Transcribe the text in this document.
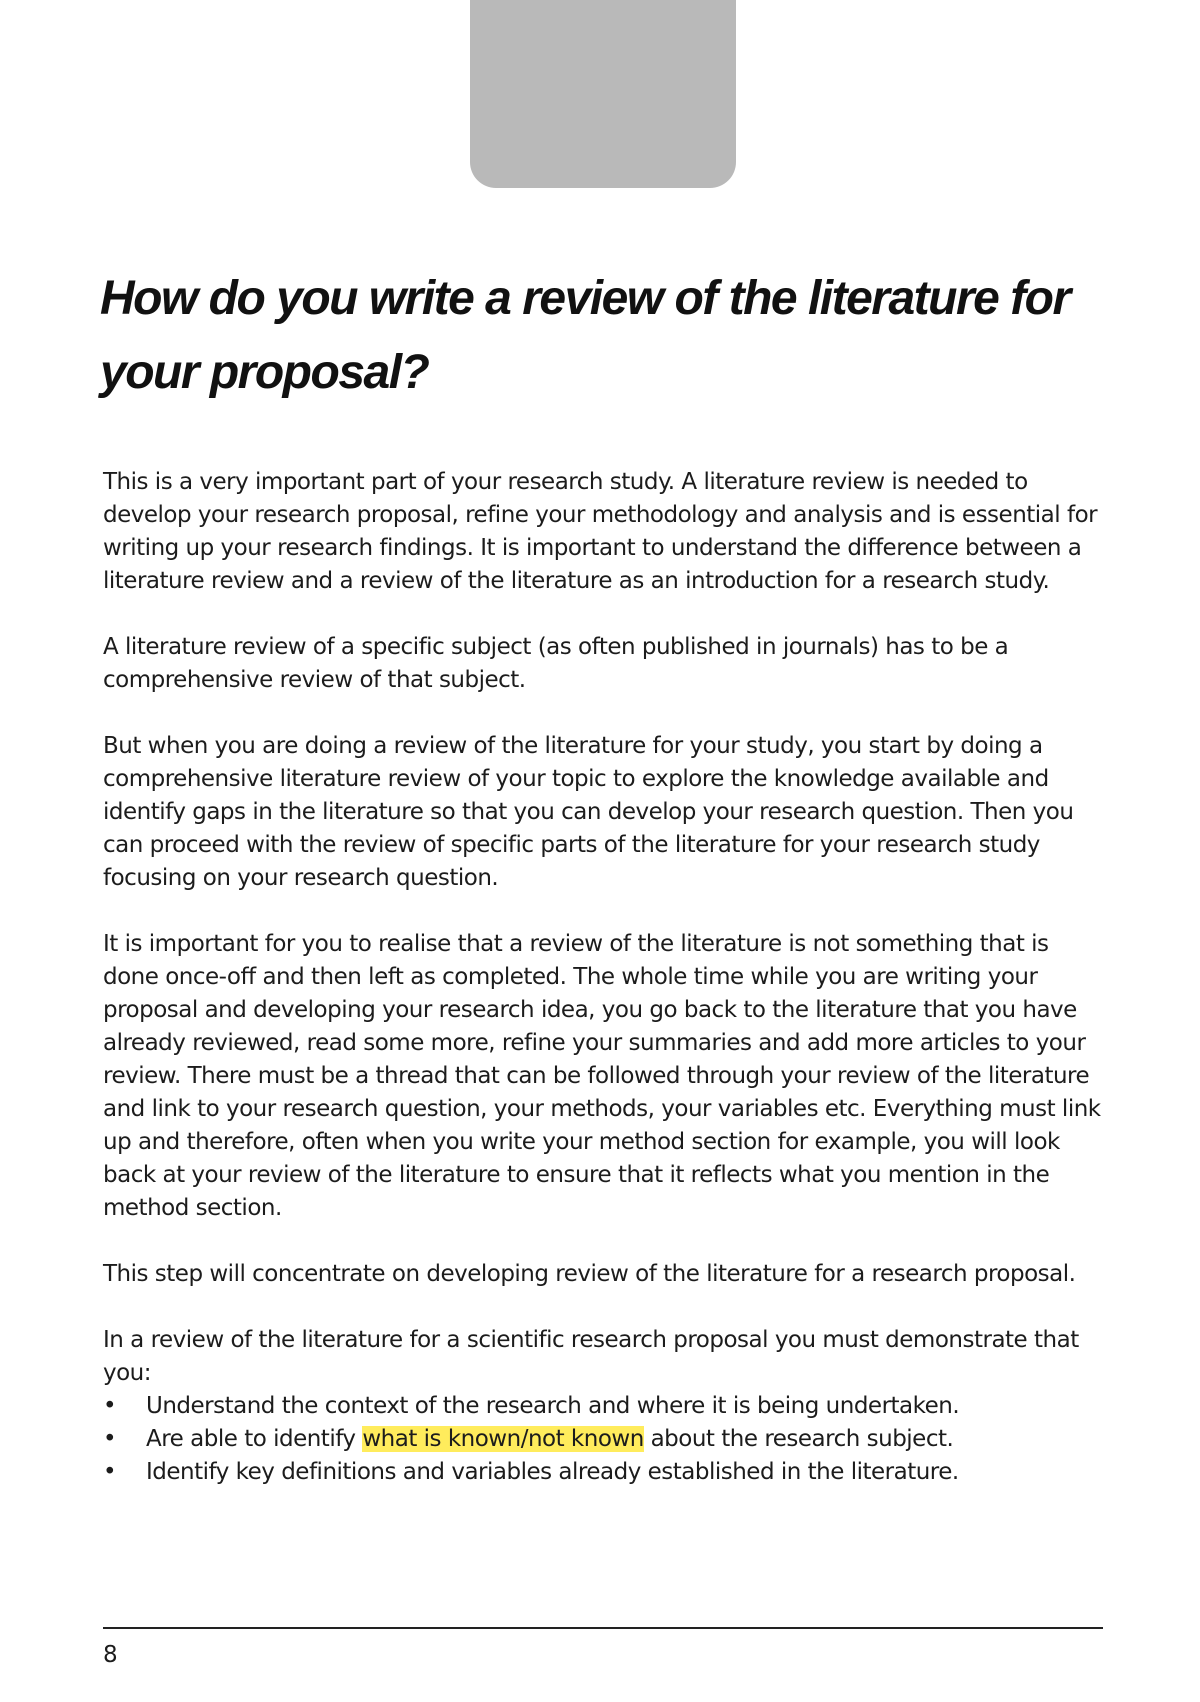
How do you write a review of the literature for your proposal?

This is a very important part of your research study. A literature review is needed to develop your research proposal, refine your methodology and analysis and is essential for writing up your research findings. It is important to understand the difference between a literature review and a review of the literature as an introduction for a research study.

A literature review of a specific subject (as often published in journals) has to be a comprehensive review of that subject.

But when you are doing a review of the literature for your study, you start by doing a comprehensive literature review of your topic to explore the knowledge available and identify gaps in the literature so that you can develop your research question. Then you can proceed with the review of specific parts of the literature for your research study focusing on your research question.

It is important for you to realise that a review of the literature is not something that is done once-off and then left as completed. The whole time while you are writing your proposal and developing your research idea, you go back to the literature that you have already reviewed, read some more, refine your summaries and add more articles to your review. There must be a thread that can be followed through your review of the literature and link to your research question, your methods, your variables etc. Everything must link up and therefore, often when you write your method section for example, you will look back at your review of the literature to ensure that it reflects what you mention in the method section.

This step will concentrate on developing review of the literature for a research proposal.

In a review of the literature for a scientific research proposal you must demonstrate that you:

• Understand the context of the research and where it is being undertaken.
• Are able to identify what is known/not known about the research subject.
• Identify key definitions and variables already established in the literature.
8
